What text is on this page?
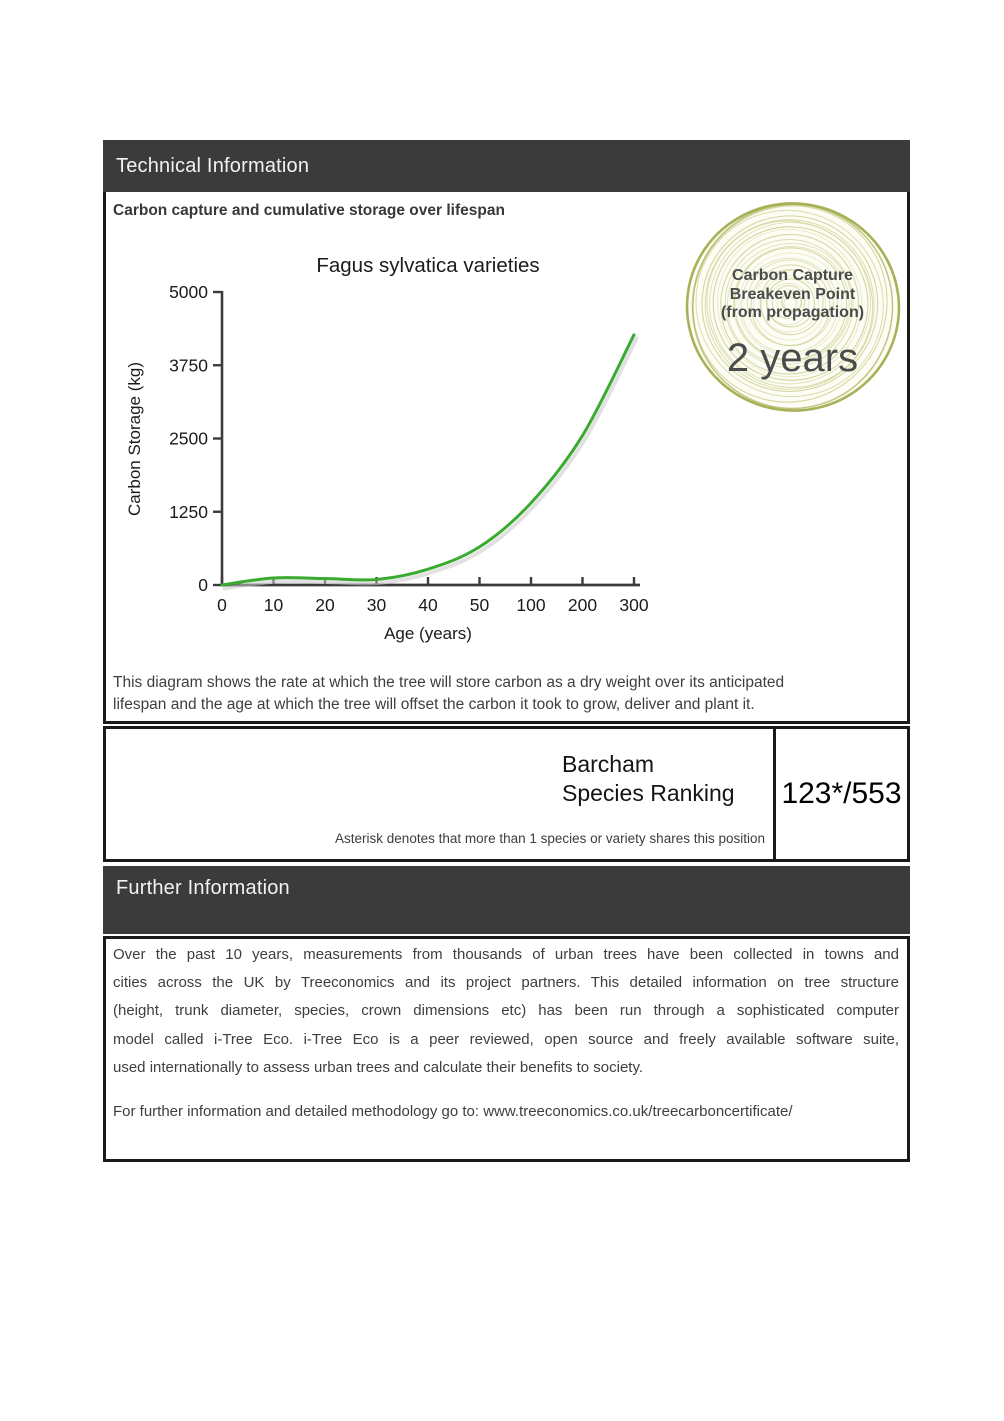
Technical Information
Carbon capture and cumulative storage over lifespan
Fagus sylvatica varieties
0
1250
2500
3750
5000
0 10 20 30 40 50 100 200 300
Age (years)
Carbon Storage (kg)
Carbon Capture
Breakeven Point
(from propagation)
2 years
This diagram shows the rate at which the tree will store carbon as a dry weight over its anticipated
lifespan and the age at which the tree will offset the carbon it took to grow, deliver and plant it.
Barcham
Species Ranking
Asterisk denotes that more than 1 species or variety shares this position
123*/553
Further Information
Over the past 10 years, measurements from thousands of urban trees have been collected in towns and
cities across the UK by Treeconomics and its project partners. This detailed information on tree structure
(height, trunk diameter, species, crown dimensions etc) has been run through a sophisticated computer
model called i-Tree Eco. i-Tree Eco is a peer reviewed, open source and freely available software suite,
used internationally to assess urban trees and calculate their benefits to society.
For further information and detailed methodology go to: www.treeconomics.co.uk/treecarboncertificate/
